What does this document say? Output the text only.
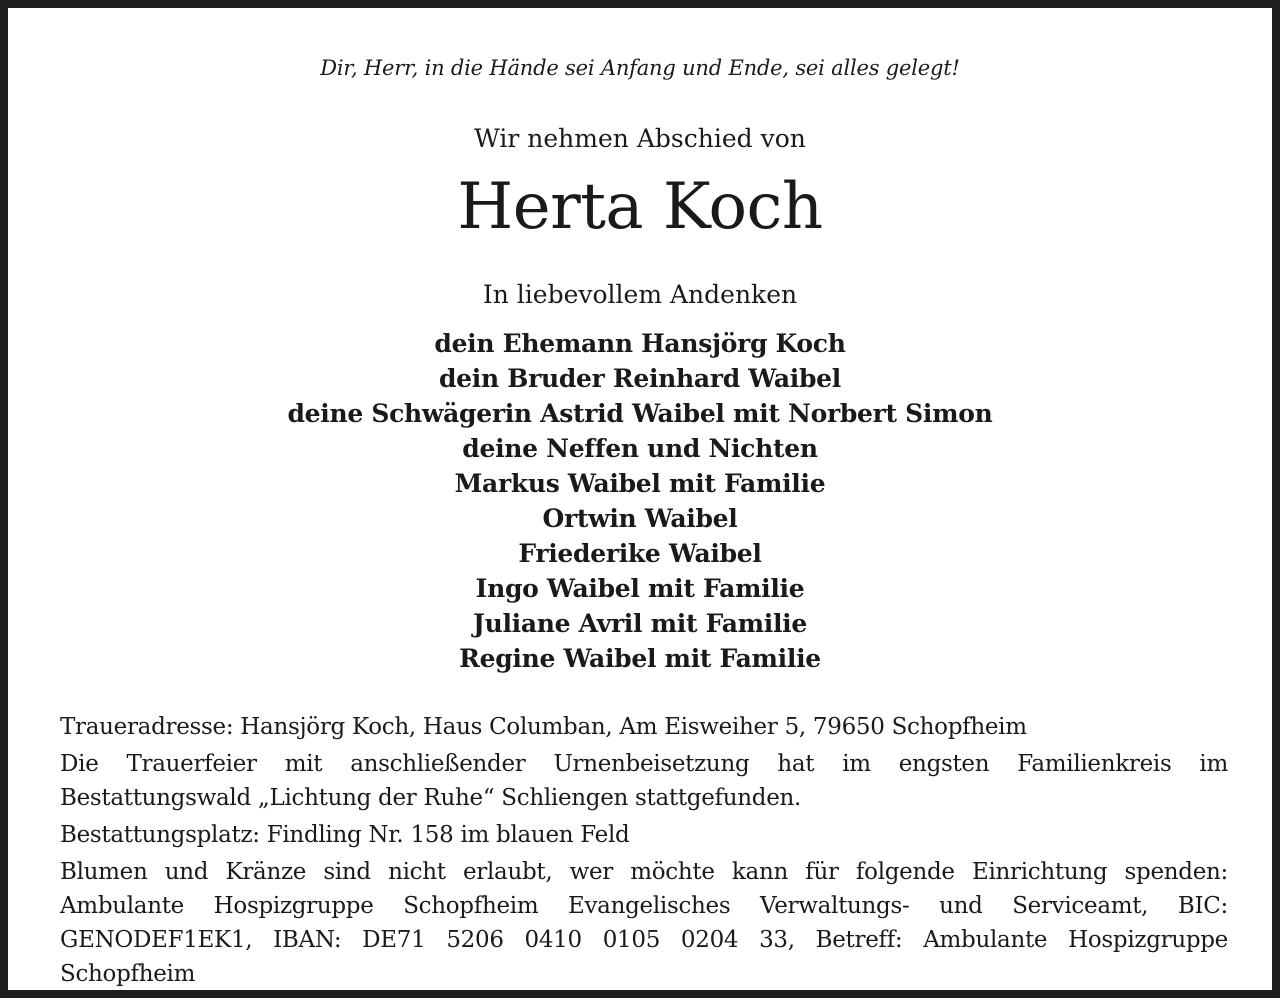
Dir, Herr, in die Hände sei Anfang und Ende, sei alles gelegt!
Wir nehmen Abschied von
Herta Koch
In liebevollem Andenken
dein Ehemann Hansjörg Koch
dein Bruder Reinhard Waibel
deine Schwägerin Astrid Waibel mit Norbert Simon
deine Neffen und Nichten
Markus Waibel mit Familie
Ortwin Waibel
Friederike Waibel
Ingo Waibel mit Familie
Juliane Avril mit Familie
Regine Waibel mit Familie

Traueradresse: Hansjörg Koch, Haus Columban, Am Eisweiher 5, 79650 Schopfheim

Die Trauerfeier mit anschließender Urnenbeisetzung hat im engsten Familienkreis im Bestattungswald „Lichtung der Ruhe“ Schliengen stattgefunden.

Bestattungsplatz: Findling Nr. 158 im blauen Feld

Blumen und Kränze sind nicht erlaubt, wer möchte kann für folgende Einrichtung spenden: Ambulante Hospizgruppe Schopfheim Evangelisches Verwaltungs- und Serviceamt, BIC: GENODEF1EK1, IBAN: DE71 5206 0410 0105 0204 33, Betreff: Ambulante Hospizgruppe Schopfheim
